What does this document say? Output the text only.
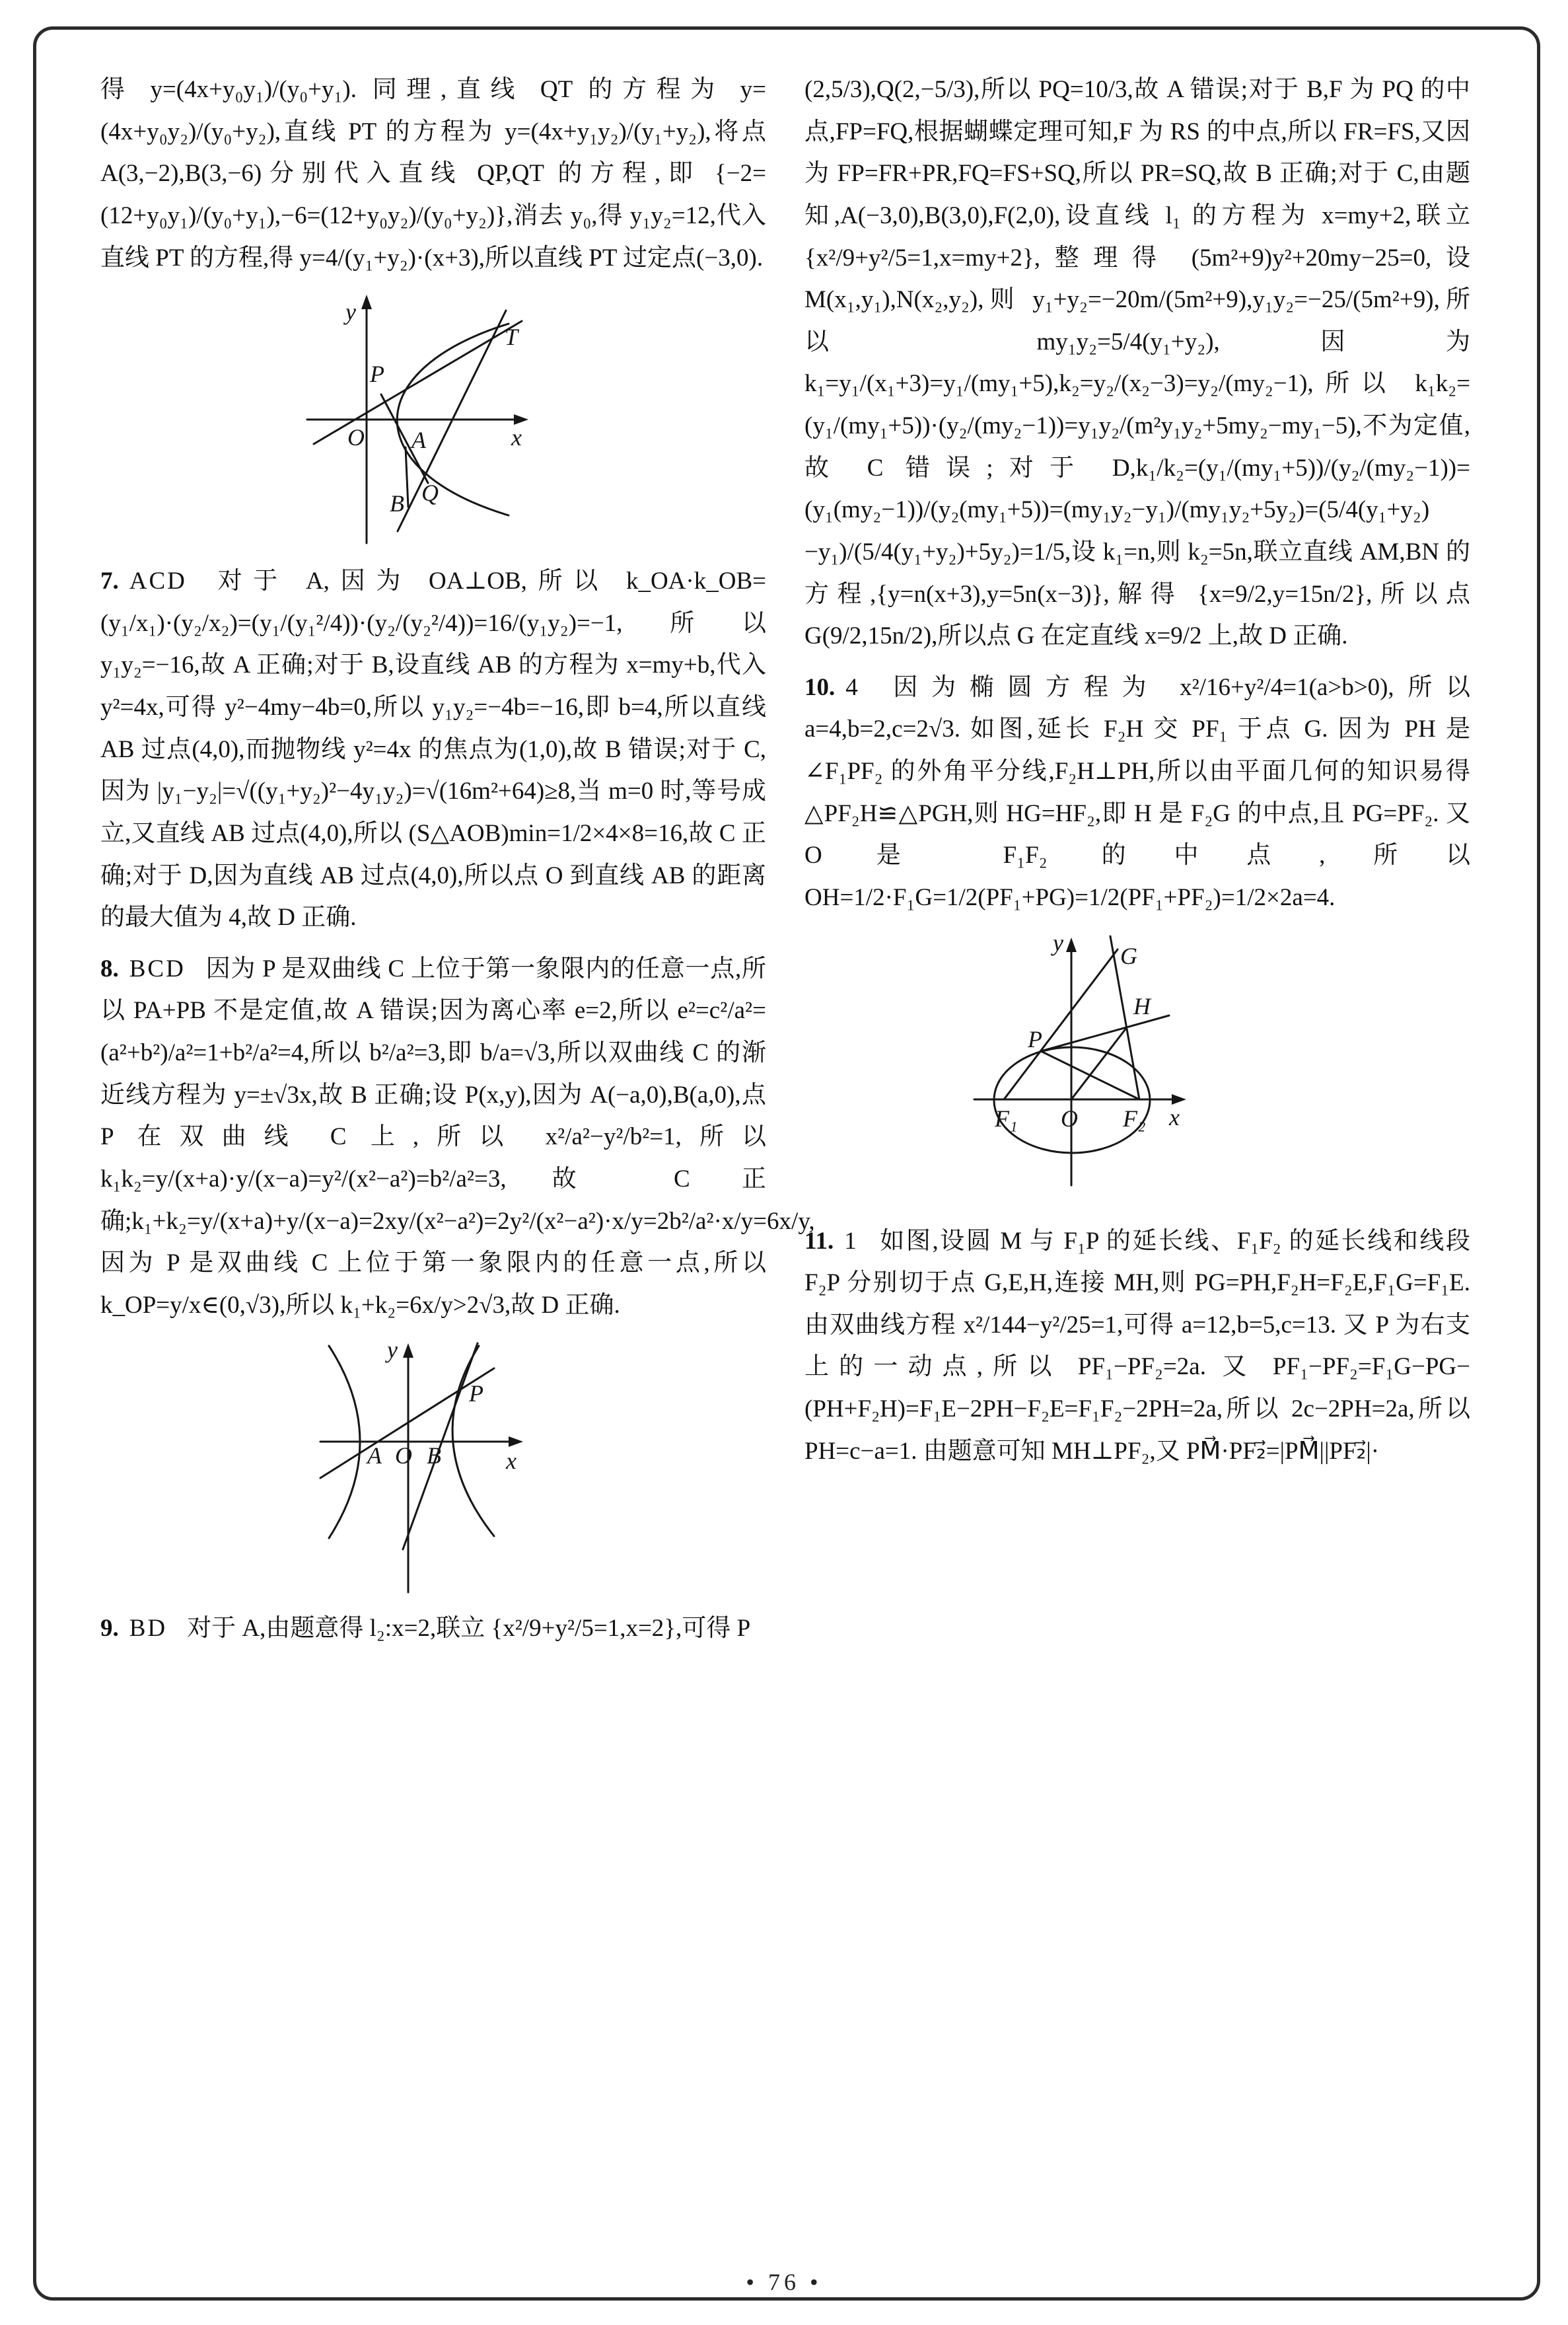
得 y=(4x+y₀y₁)/(y₀+y₁). 同理,直线 QT 的方程为 y=(4x+y₀y₂)/(y₀+y₂),直线 PT 的方程为 y=(4x+y₁y₂)/(y₁+y₂),将点 A(3,−2),B(3,−6)分别代入直线 QP,QT 的方程,即 {−2=(12+y₀y₁)/(y₀+y₁),−6=(12+y₀y₂)/(y₀+y₂)},消去 y₀,得 y₁y₂=12,代入直线 PT 的方程,得 y=4/(y₁+y₂)·(x+3),所以直线 PT 过定点(−3,0).

y
x
O
P
T
A
B Q

7. ACD 对于 A,因为 OA⊥OB,所以 k_OA·k_OB=(y₁/x₁)·(y₂/x₂)=(y₁/(y₁²/4))·(y₂/(y₂²/4))=16/(y₁y₂)=−1,所以 y₁y₂=−16,故 A 正确;对于 B,设直线 AB 的方程为 x=my+b,代入 y²=4x,可得 y²−4my−4b=0,所以 y₁y₂=−4b=−16,即 b=4,所以直线 AB 过点(4,0),而抛物线 y²=4x 的焦点为(1,0),故 B 错误;对于 C,因为 |y₁−y₂|=√((y₁+y₂)²−4y₁y₂)=√(16m²+64)≥8,当 m=0 时,等号成立,又直线 AB 过点(4,0),所以 (S△AOB)min=1/2×4×8=16,故 C 正确;对于 D,因为直线 AB 过点(4,0),所以点 O 到直线 AB 的距离的最大值为 4,故 D 正确.

8. BCD 因为 P 是双曲线 C 上位于第一象限内的任意一点,所以 PA+PB 不是定值,故 A 错误;因为离心率 e=2,所以 e²=c²/a²=(a²+b²)/a²=1+b²/a²=4,所以 b²/a²=3,即 b/a=√3,所以双曲线 C 的渐近线方程为 y=±√3x,故 B 正确;设 P(x,y),因为 A(−a,0),B(a,0),点 P 在双曲线 C 上,所以 x²/a²−y²/b²=1,所以 k₁k₂=y/(x+a)·y/(x−a)=y²/(x²−a²)=b²/a²=3,故 C 正确;k₁+k₂=y/(x+a)+y/(x−a)=2xy/(x²−a²)=2y²/(x²−a²)·x/y=2b²/a²·x/y=6x/y,因为 P 是双曲线 C 上位于第一象限内的任意一点,所以 k_OP=y/x∈(0,√3),所以 k₁+k₂=6x/y>2√3,故 D 正确.

y
x
A O B
P

9. BD 对于 A,由题意得 l₂:x=2,联立 {x²/9+y²/5=1,x=2},可得 P

(2,5/3),Q(2,−5/3),所以 PQ=10/3,故 A 错误;对于 B,F 为 PQ 的中点,FP=FQ,根据蝴蝶定理可知,F 为 RS 的中点,所以 FR=FS,又因为 FP=FR+PR,FQ=FS+SQ,所以 PR=SQ,故 B 正确;对于 C,由题知,A(−3,0),B(3,0),F(2,0),设直线 l₁ 的方程为 x=my+2,联立 {x²/9+y²/5=1,x=my+2},整理得 (5m²+9)y²+20my−25=0,设 M(x₁,y₁),N(x₂,y₂),则 y₁+y₂=−20m/(5m²+9),y₁y₂=−25/(5m²+9),所以 my₁y₂=5/4(y₁+y₂),因为 k₁=y₁/(x₁+3)=y₁/(my₁+5),k₂=y₂/(x₂−3)=y₂/(my₂−1),所以 k₁k₂=(y₁/(my₁+5))·(y₂/(my₂−1))=y₁y₂/(m²y₁y₂+5my₂−my₁−5),不为定值,故 C 错误;对于 D,k₁/k₂=(y₁/(my₁+5))/(y₂/(my₂−1))=(y₁(my₂−1))/(y₂(my₁+5))=(my₁y₂−y₁)/(my₁y₂+5y₂)=(5/4(y₁+y₂)−y₁)/(5/4(y₁+y₂)+5y₂)=1/5,设 k₁=n,则 k₂=5n,联立直线 AM,BN 的方程,{y=n(x+3),y=5n(x−3)},解得 {x=9/2,y=15n/2},所以点 G(9/2,15n/2),所以点 G 在定直线 x=9/2 上,故 D 正确.

10. 4 因为椭圆方程为 x²/16+y²/4=1(a>b>0),所以 a=4,b=2,c=2√3. 如图,延长 F₂H 交 PF₁ 于点 G. 因为 PH 是∠F₁PF₂ 的外角平分线,F₂H⊥PH,所以由平面几何的知识易得△PF₂H≌△PGH,则 HG=HF₂,即 H 是 F₂G 的中点,且 PG=PF₂. 又 O 是 F₁F₂ 的中点,所以 OH=1/2·F₁G=1/2(PF₁+PG)=1/2(PF₁+PF₂)=1/2×2a=4.

y
x
G
H
P
F₁ O F₂

11. 1 如图,设圆 M 与 F₁P 的延长线、F₁F₂ 的延长线和线段 F₂P 分别切于点 G,E,H,连接 MH,则 PG=PH,F₂H=F₂E,F₁G=F₁E. 由双曲线方程 x²/144−y²/25=1,可得 a=12,b=5,c=13. 又 P 为右支上的一动点,所以 PF₁−PF₂=2a. 又 PF₁−PF₂=F₁G−PG−(PH+F₂H)=F₁E−2PH−F₂E=F₁F₂−2PH=2a,所以 2c−2PH=2a,所以 PH=c−a=1. 由题意可知 MH⊥PF₂,又 PM⃗·PF₂⃗=|PM⃗||PF₂⃗|·

• 76 •
